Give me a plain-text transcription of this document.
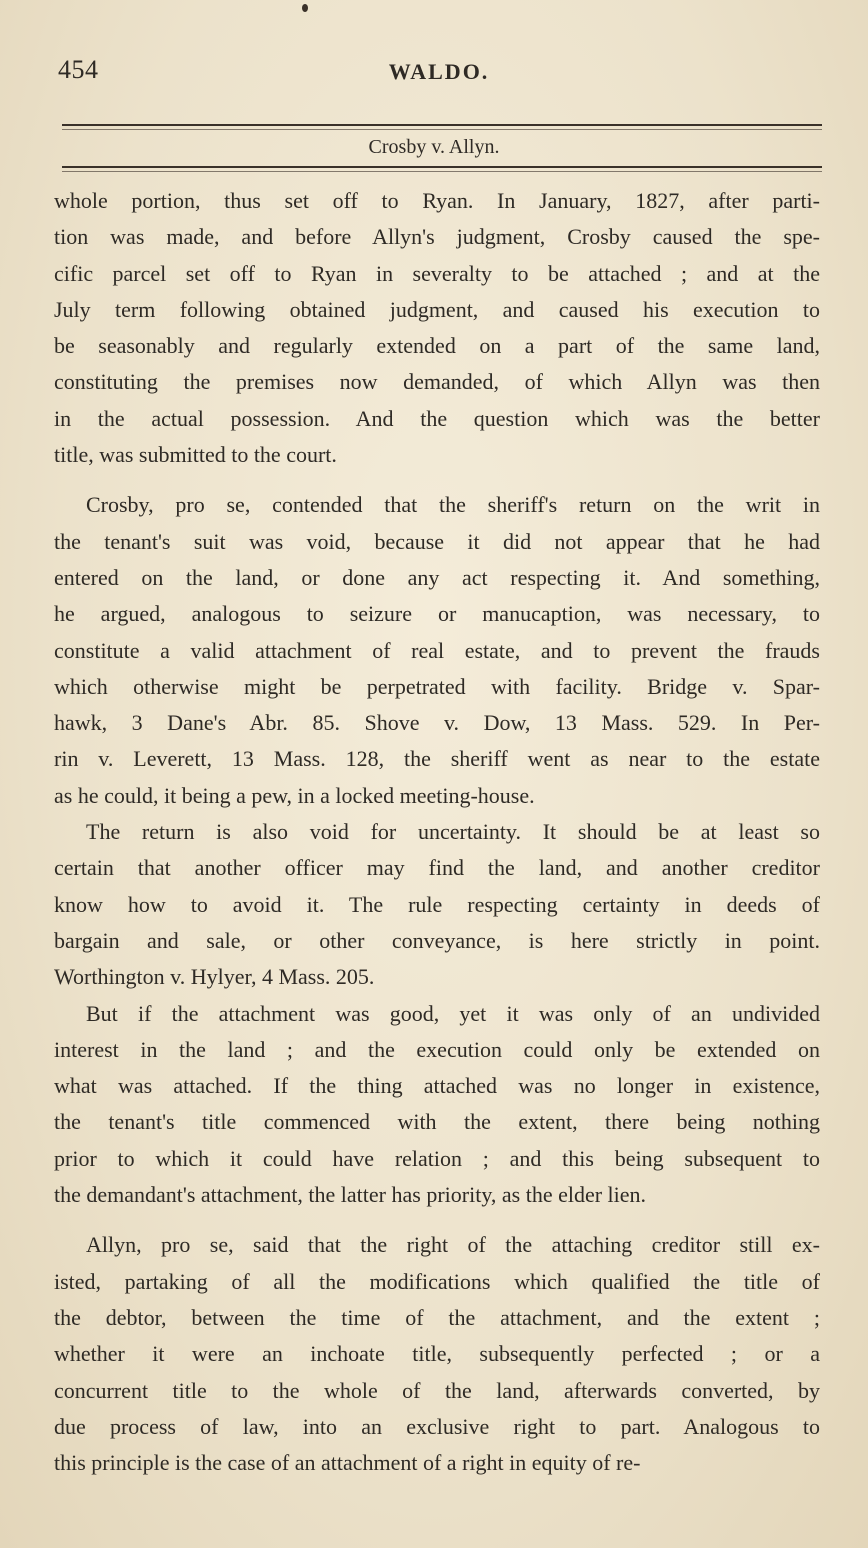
454	WALDO.
Crosby v. Allyn.
whole portion, thus set off to Ryan. In January, 1827, after parti-
tion was made, and before Allyn's judgment, Crosby caused the spe-
cific parcel set off to Ryan in severalty to be attached ; and at the
July term following obtained judgment, and caused his execution to
be seasonably and regularly extended on a part of the same land,
constituting the premises now demanded, of which Allyn was then
in the actual possession. And the question which was the better
title, was submitted to the court.
Crosby, pro se, contended that the sheriff's return on the writ in
the tenant's suit was void, because it did not appear that he had
entered on the land, or done any act respecting it. And something,
he argued, analogous to seizure or manucaption, was necessary, to
constitute a valid attachment of real estate, and to prevent the frauds
which otherwise might be perpetrated with facility. Bridge v. Spar-
hawk, 3 Dane's Abr. 85. Shove v. Dow, 13 Mass. 529. In Per-
rin v. Leverett, 13 Mass. 128, the sheriff went as near to the estate
as he could, it being a pew, in a locked meeting-house.
The return is also void for uncertainty. It should be at least so
certain that another officer may find the land, and another creditor
know how to avoid it. The rule respecting certainty in deeds of
bargain and sale, or other conveyance, is here strictly in point.
Worthington v. Hylyer, 4 Mass. 205.
But if the attachment was good, yet it was only of an undivided
interest in the land ; and the execution could only be extended on
what was attached. If the thing attached was no longer in existence,
the tenant's title commenced with the extent, there being nothing
prior to which it could have relation ; and this being subsequent to
the demandant's attachment, the latter has priority, as the elder lien.
Allyn, pro se, said that the right of the attaching creditor still ex-
isted, partaking of all the modifications which qualified the title of
the debtor, between the time of the attachment, and the extent ;
whether it were an inchoate title, subsequently perfected ; or a
concurrent title to the whole of the land, afterwards converted, by
due process of law, into an exclusive right to part. Analogous to
this principle is the case of an attachment of a right in equity of re-
